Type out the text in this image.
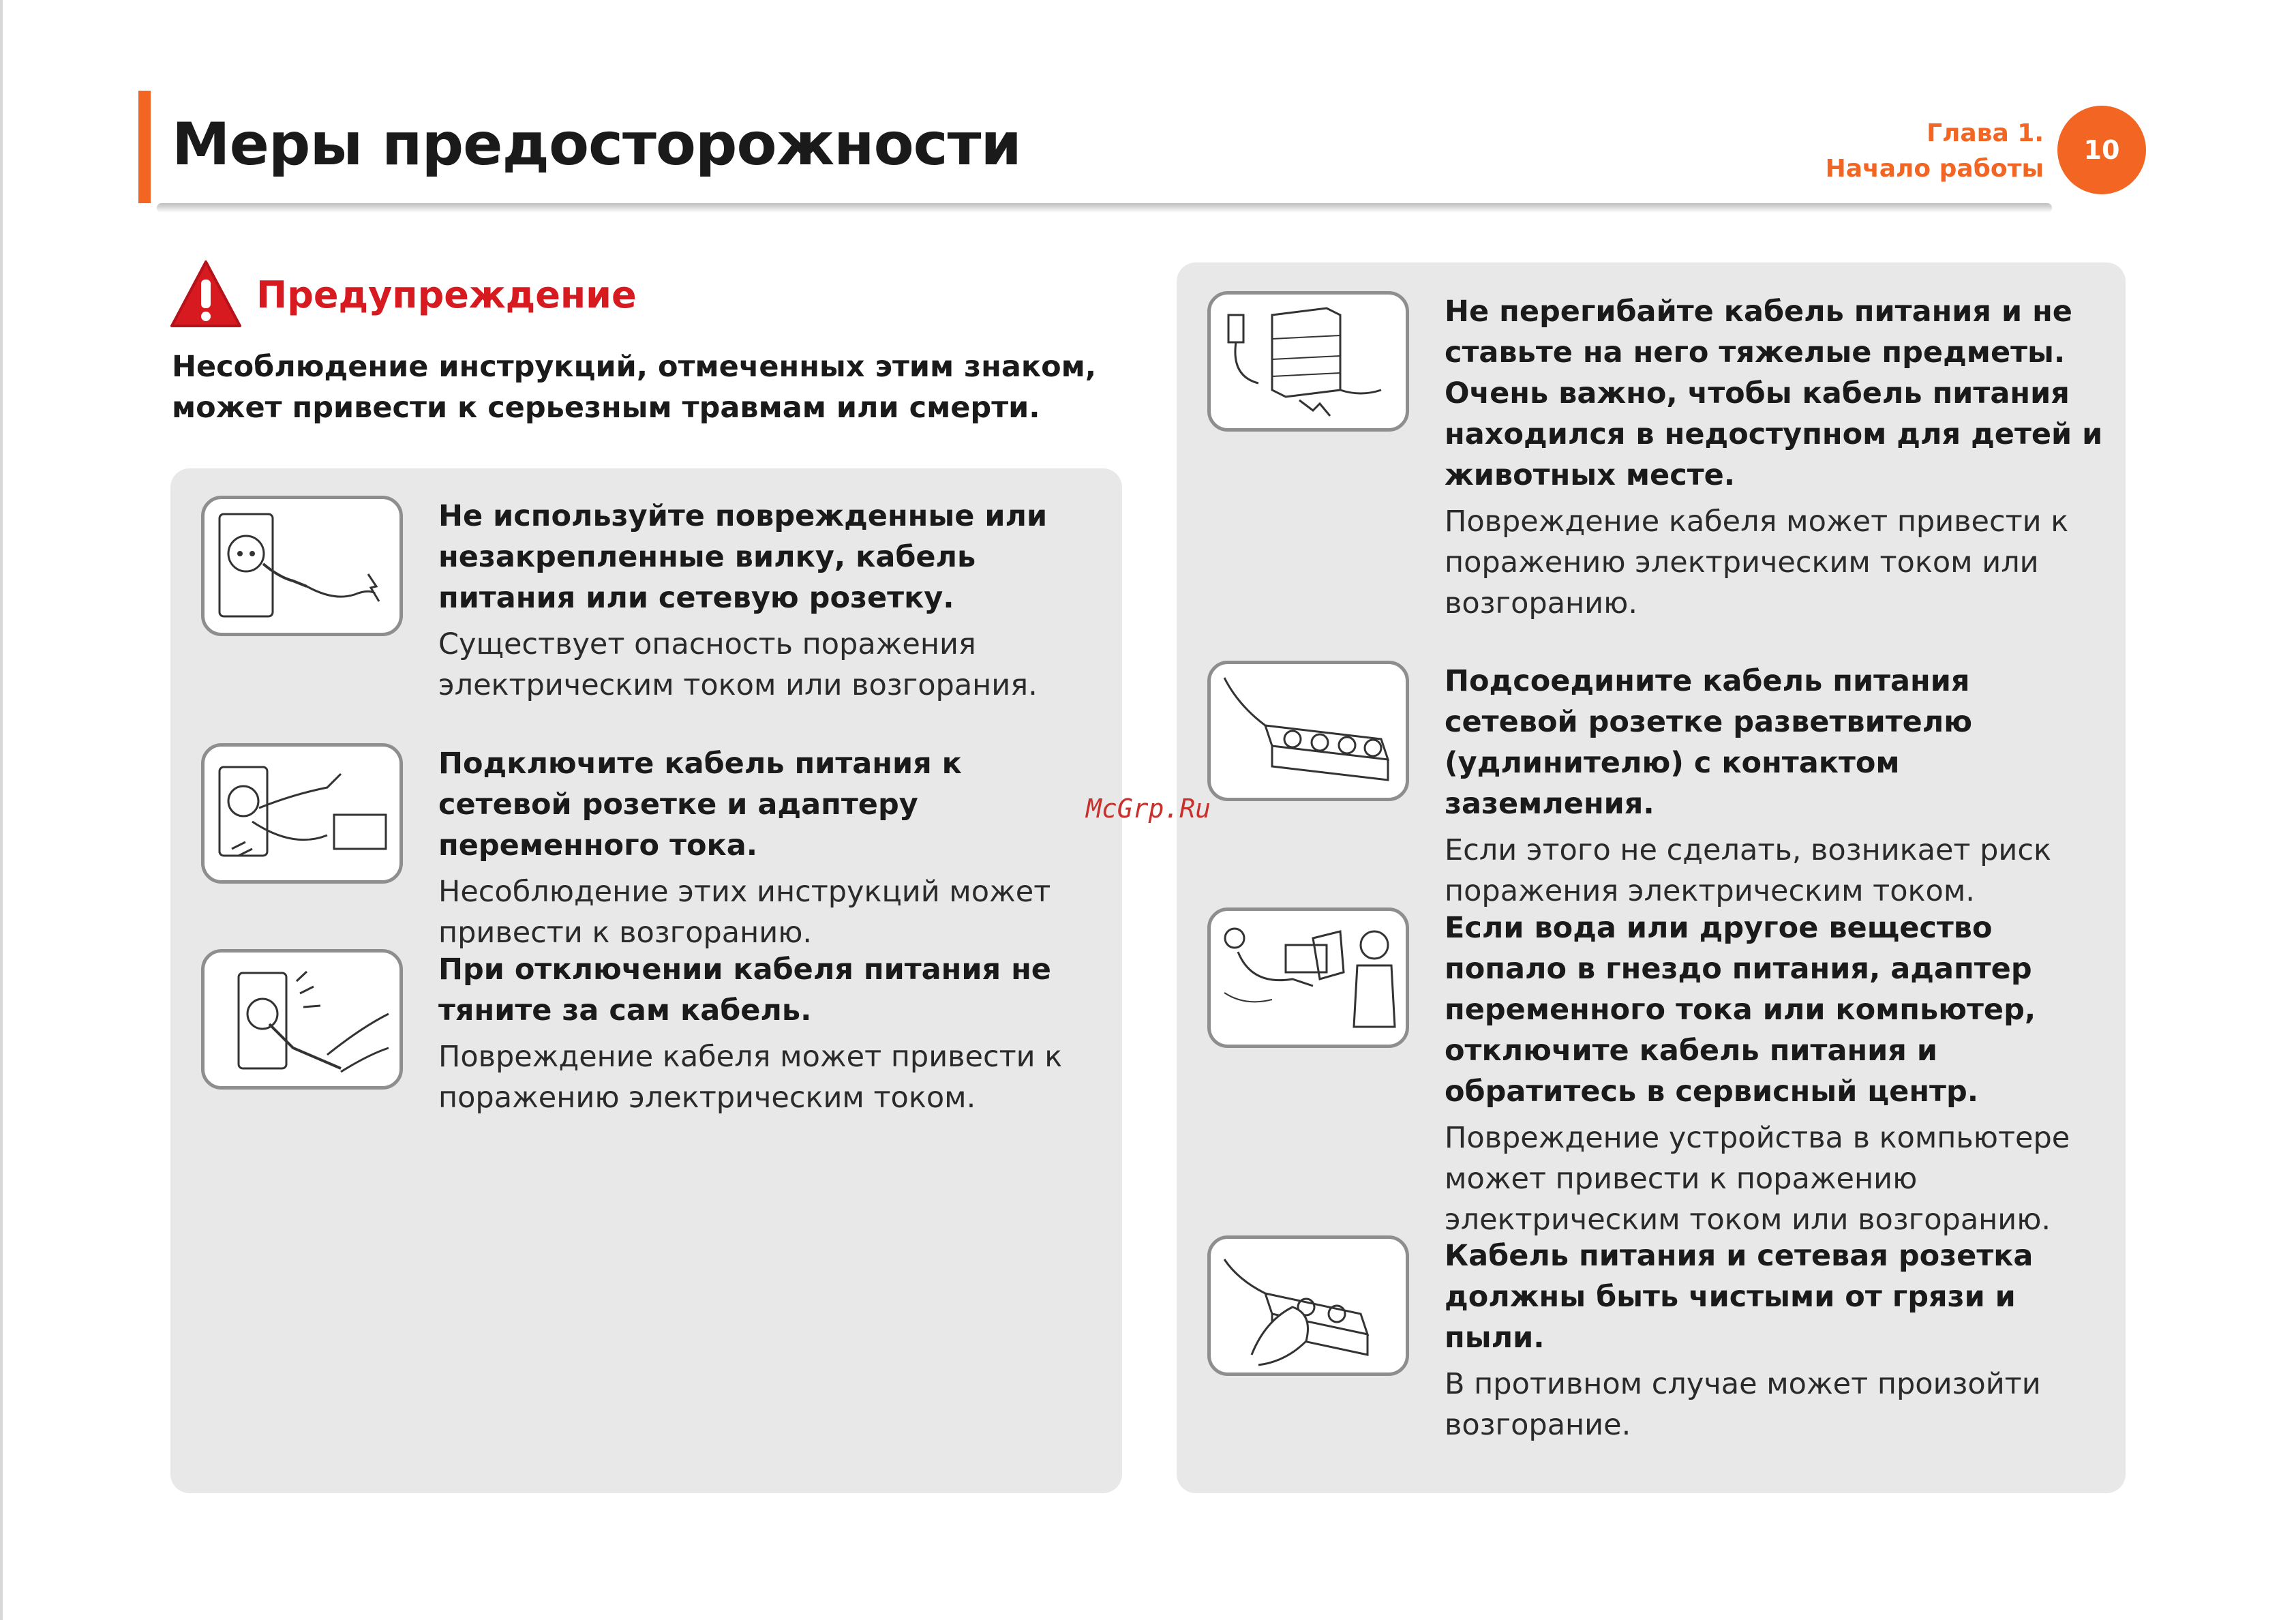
Меры предосторожности	Глава 1.
Начало работы
10
Предупреждение
Несоблюдение инструкций, отмеченных этим знаком, может привести к серьезным травмам или смерти.
Не используйте поврежденные или незакрепленные вилку, кабель питания или сетевую розетку.
Существует опасность поражения электрическим током или возгорания.
Подключите кабель питания к сетевой розетке и адаптеру переменного тока.
Несоблюдение этих инструкций может привести к возгоранию.
При отключении кабеля питания не тяните за сам кабель.
Повреждение кабеля может привести к поражению электрическим током.
Не перегибайте кабель питания и не ставьте на него тяжелые предметы. Очень важно, чтобы кабель питания находился в недоступном для детей и животных месте.
Повреждение кабеля может привести к поражению электрическим током или возгоранию.
Подсоедините кабель питания сетевой розетке разветвителю (удлинителю) с контактом заземления.
Если этого не сделать, возникает риск поражения электрическим током.
Если вода или другое вещество попало в гнездо питания, адаптер переменного тока или компьютер, отключите кабель питания и обратитесь в сервисный центр.
Повреждение устройства в компьютере может привести к поражению электрическим током или возгоранию.
Кабель питания и сетевая розетка должны быть чистыми от грязи и пыли.
В противном случае может произойти возгорание.
McGrp.Ru
